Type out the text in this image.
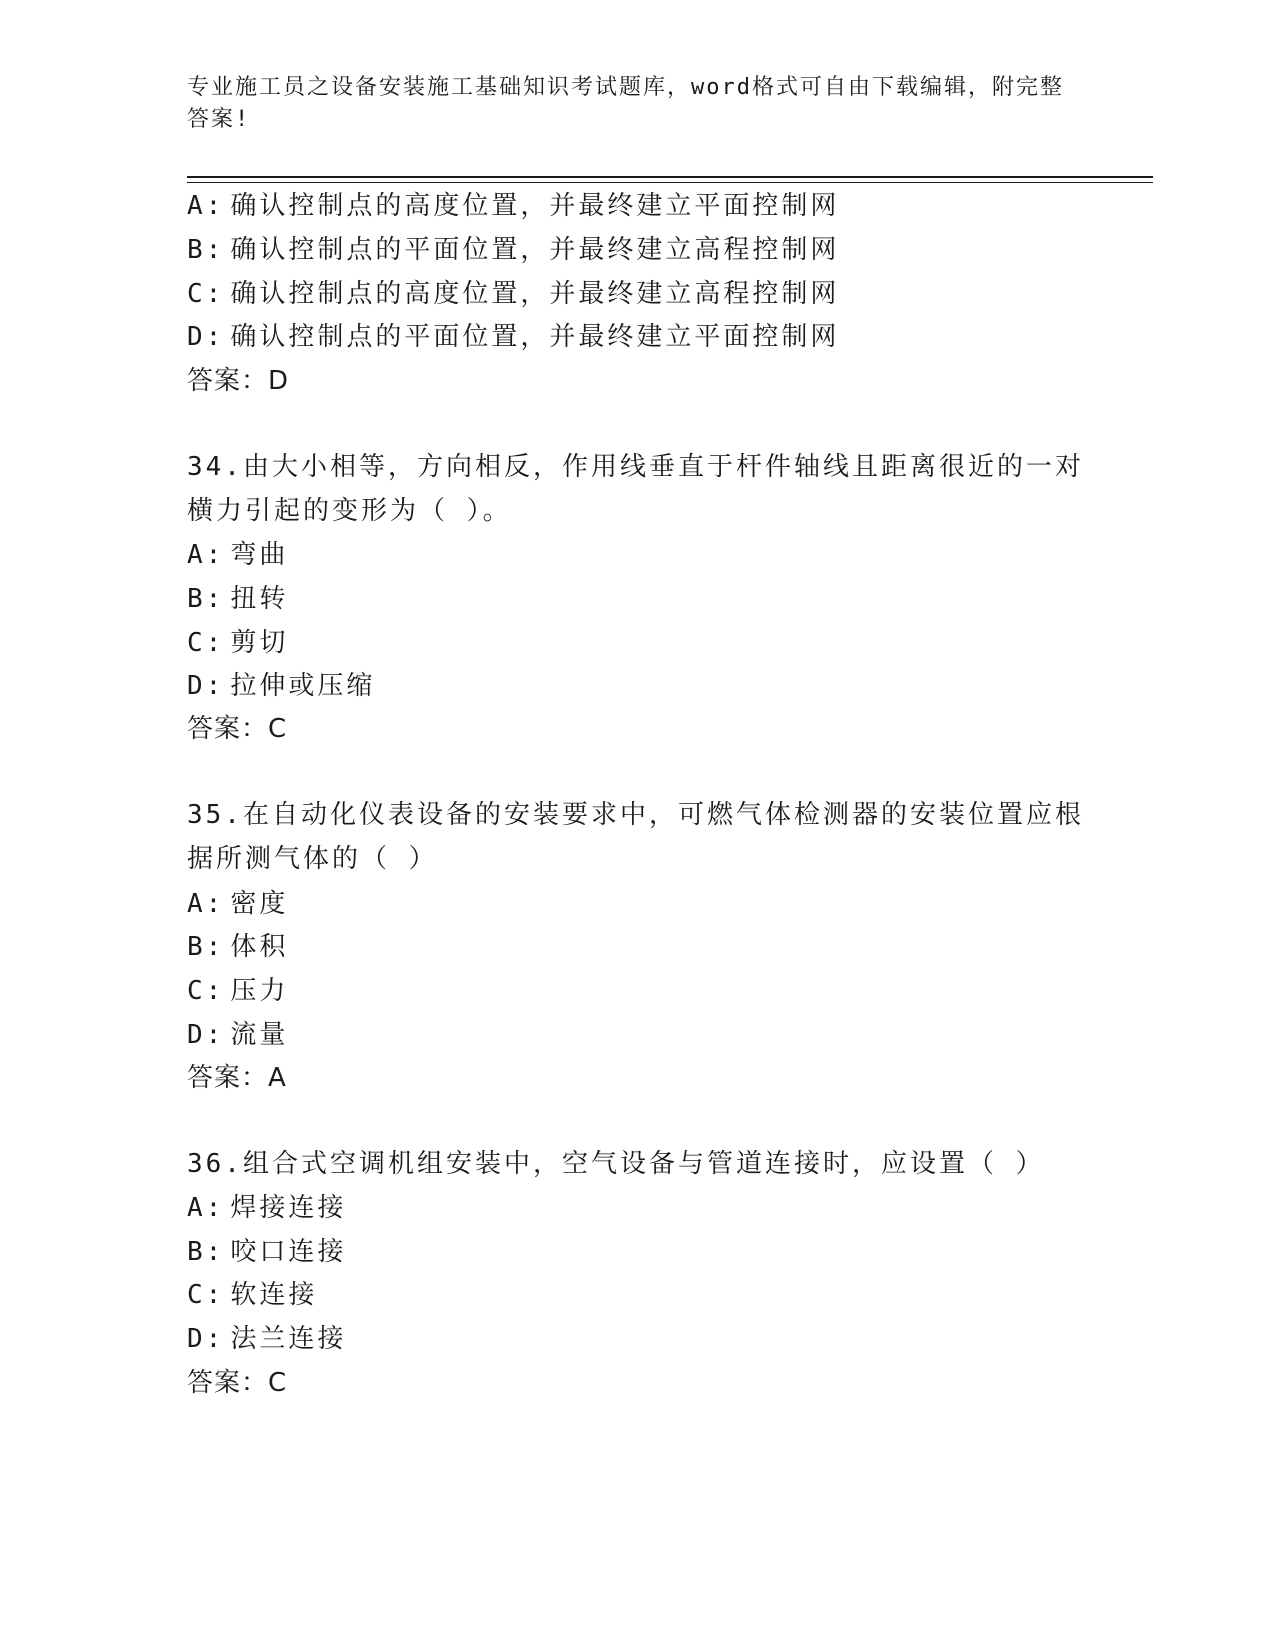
专业施工员之设备安装施工基础知识考试题库，word格式可自由下载编辑，附完整答案!
A: 确认控制点的高度位置，并最终建立平面控制网
B: 确认控制点的平面位置，并最终建立高程控制网
C: 确认控制点的高度位置，并最终建立高程控制网
D: 确认控制点的平面位置，并最终建立平面控制网
答案：D
34.由大小相等，方向相反，作用线垂直于杆件轴线且距离很近的一对
横力引起的变形为（ ）。
A: 弯曲
B: 扭转
C: 剪切
D: 拉伸或压缩
答案：C
35.在自动化仪表设备的安装要求中，可燃气体检测器的安装位置应根
据所测气体的（ ）
A: 密度
B: 体积
C: 压力
D: 流量
答案：A
36.组合式空调机组安装中，空气设备与管道连接时，应设置（ ）
A: 焊接连接
B: 咬口连接
C: 软连接
D: 法兰连接
答案：C
